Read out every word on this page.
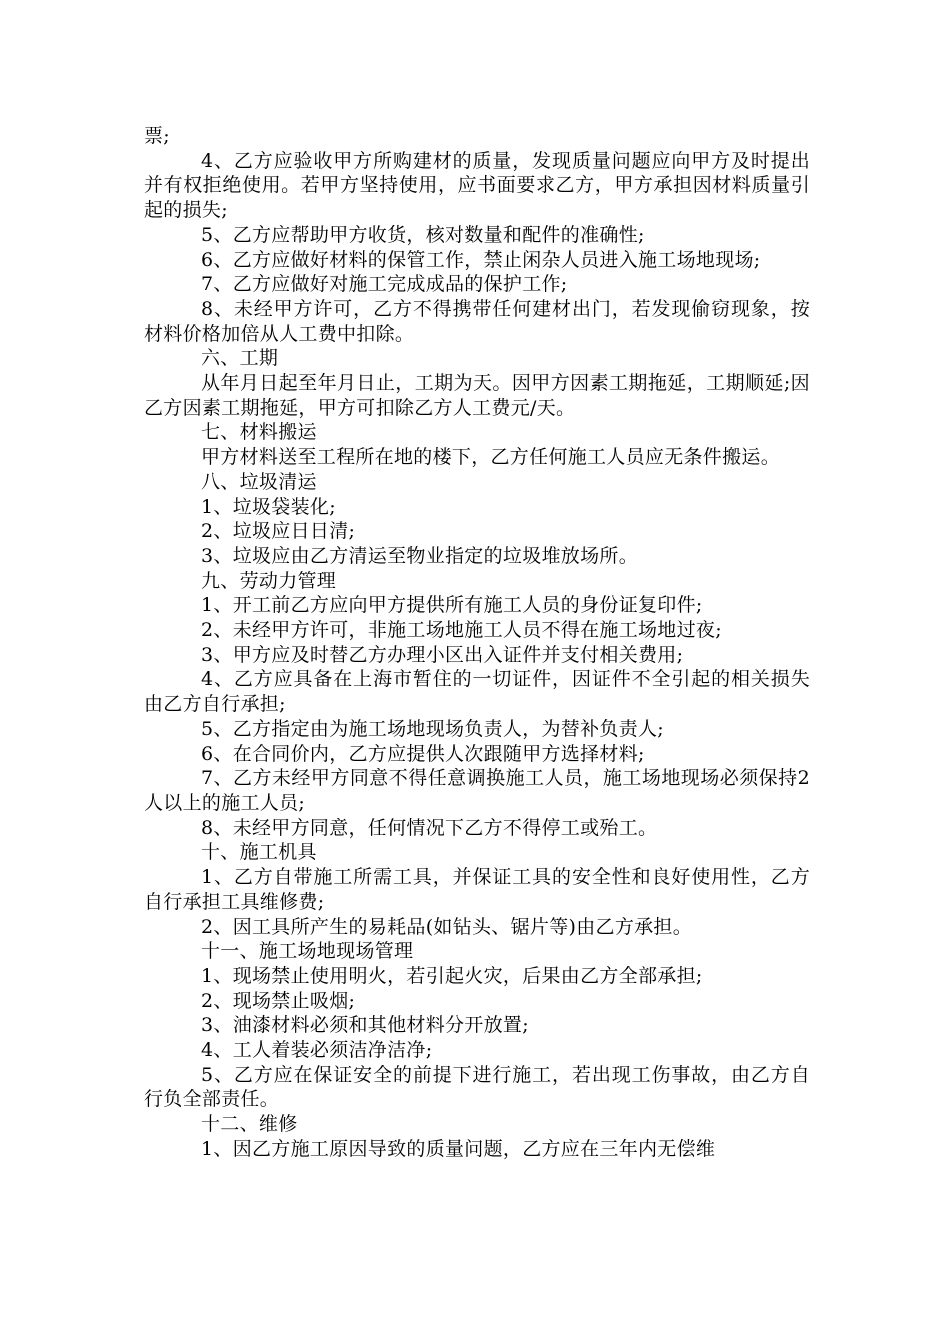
票;

4、乙方应验收甲方所购建材的质量，发现质量问题应向甲方及时提出并有权拒绝使用。若甲方坚持使用，应书面要求乙方，甲方承担因材料质量引起的损失;

5、乙方应帮助甲方收货，核对数量和配件的准确性;

6、乙方应做好材料的保管工作，禁止闲杂人员进入施工场地现场;

7、乙方应做好对施工完成成品的保护工作;

8、未经甲方许可，乙方不得携带任何建材出门，若发现偷窃现象，按材料价格加倍从人工费中扣除。

六、工期

从年月日起至年月日止，工期为天。因甲方因素工期拖延，工期顺延;因乙方因素工期拖延，甲方可扣除乙方人工费元/天。

七、材料搬运

甲方材料送至工程所在地的楼下，乙方任何施工人员应无条件搬运。

八、垃圾清运

1、垃圾袋装化;

2、垃圾应日日清;

3、垃圾应由乙方清运至物业指定的垃圾堆放场所。

九、劳动力管理

1、开工前乙方应向甲方提供所有施工人员的身份证复印件;

2、未经甲方许可，非施工场地施工人员不得在施工场地过夜;

3、甲方应及时替乙方办理小区出入证件并支付相关费用;

4、乙方应具备在上海市暂住的一切证件，因证件不全引起的相关损失由乙方自行承担;

5、乙方指定由为施工场地现场负责人，为替补负责人;

6、在合同价内，乙方应提供人次跟随甲方选择材料;

7、乙方未经甲方同意不得任意调换施工人员，施工场地现场必须保持2人以上的施工人员;

8、未经甲方同意，任何情况下乙方不得停工或殆工。

十、施工机具

1、乙方自带施工所需工具，并保证工具的安全性和良好使用性，乙方自行承担工具维修费;

2、因工具所产生的易耗品(如钻头、锯片等)由乙方承担。

十一、施工场地现场管理

1、现场禁止使用明火，若引起火灾，后果由乙方全部承担;

2、现场禁止吸烟;

3、油漆材料必须和其他材料分开放置;

4、工人着装必须洁净洁净;

5、乙方应在保证安全的前提下进行施工，若出现工伤事故，由乙方自行负全部责任。

十二、维修

1、因乙方施工原因导致的质量问题，乙方应在三年内无偿维
